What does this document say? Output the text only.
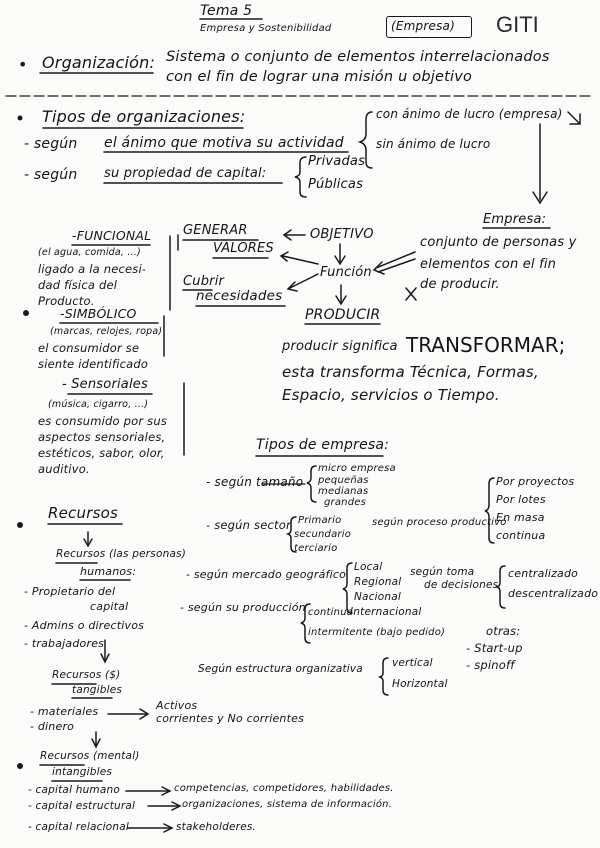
Tema 5
Empresa y Sostenibilidad	(Empresa) GITI
• Organización: Sistema o conjunto de elementos interrelacionados
con el fin de lograr una misión u objetivo
Tipos de organizaciones:
- según el ánimo que motiva su actividad
con ánimo de lucro (empresa)
sin ánimo de lucro
- según su propiedad de capital:
Privadas
Públicas
Empresa:
conjunto de personas y
elementos con el fin
de producir.
-FUNCIONAL
(el agua, comida, ...)
ligado a la necesi-
dad física del
Producto.
-SIMBÓLICO
(marcas, relojes, ropa)
el consumidor se
siente identificado
- Sensoriales
(música, cigarro, ...)
es consumido por sus
aspectos sensoriales,
estéticos, sabor, olor,
auditivo.
GENERAR
VALORES
OBJETIVO
Función
Cubrir
necesidades
PRODUCIR
producir significa TRANSFORMAR;
esta transforma Técnica, Formas,
Espacio, servicios o Tiempo.
Tipos de empresa:
- según tamaño
micro empresa
pequeñas
medianas
grandes
Por proyectos
Por lotes
En masa
continua
- según sector Primario
secundario
terciario
según proceso productivo
- según mercado geográfico
Local
Regional
Nacional
Internacional
según toma
de decisiones
centralizado
descentralizado
- según su producción continua
intermitente (bajo pedido)	otras:
- Start-up
- spinoff
Según estructura organizativa	vertical
Horizontal
Recursos
Recursos (las personas)
humanos:
- Propietario del
capital
- Admins o directivos
- trabajadores
Recursos ($)
tangibles
- materiales
- dinero
Activos
corrientes y No corrientes
Recursos (mental)
intangibles
- capital humano
- capital estructural
- capital relacional
competencias, competidores, habilidades.
organizaciones, sistema de información.
stakeholderes.
